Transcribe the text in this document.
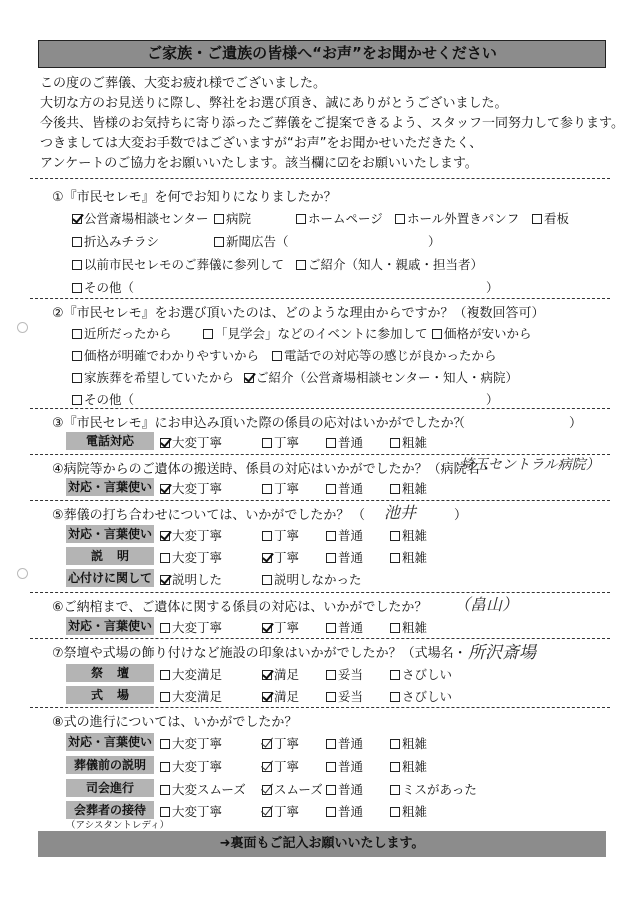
ご家族・ご遺族の皆様へ“お声”をお聞かせください
この度のご葬儀、大変お疲れ様でございました。
大切な方のお見送りに際し、弊社をお選び頂き、誠にありがとうございました。
今後共、皆様のお気持ちに寄り添ったご葬儀をご提案できるよう、スタッフ一同努力して参ります。
つきましては大変お手数ではございますが“お声”をお聞かせいただきたく、
アンケートのご協力をお願いいたします。該当欄に☑をお願いいたします。
①『市民セレモ』を何でお知りになりましたか？
公営斎場相談センター	病院	ホームページ	ホール外置きパンフ	看板
折込みチラシ	新聞広告（	）
以前市民セレモのご葬儀に参列して	ご紹介（知人・親戚・担当者）
その他（	）
②『市民セレモ』をお選び頂いたのは、どのような理由からですか？（複数回答可）
近所だったから	「見学会」などのイベントに参加して	価格が安いから
価格が明確でわかりやすいから	電話での対応等の感じが良かったから
家族葬を希望していたから	ご紹介（公営斎場相談センター・知人・病院）
その他（	）
③『市民セレモ』にお申込み頂いた際の係員の応対はいかがでしたか？
（　　　　　　　　）
電話対応	大変丁寧	丁寧	普通	粗雑
④病院等からのご遺体の搬送時、係員の対応はいかがでしたか？（病院名・
埼玉セントラル病院）
対応・言葉使い	大変丁寧	丁寧	普通	粗雑
⑤葬儀の打ち合わせについては、いかがでしたか？ （ 池井	）
対応・言葉使い	大変丁寧	丁寧	普通	粗雑
説明	大変丁寧	丁寧	普通	粗雑
心付けに関して	説明した	説明しなかった
⑥ご納棺まで、ご遺体に関する係員の対応は、いかがでしたか？ （畠山）
対応・言葉使い	大変丁寧	丁寧	普通	粗雑
⑦祭壇や式場の飾り付けなど施設の印象はいかがでしたか？（式場名・ 所沢斎場
祭壇	大変満足	満足	妥当	さびしい
式場	大変満足	満足	妥当	さびしい
⑧式の進行については、いかがでしたか？
対応・言葉使い	大変丁寧	丁寧	普通	粗雑
葬儀前の説明	大変丁寧	丁寧	普通	粗雑
司会進行	大変スムーズ	スムーズ	普通	ミスがあった
会葬者の接待	大変丁寧	丁寧	普通	粗雑
（アシスタントレディ）
➜裏面もご記入お願いいたします。
